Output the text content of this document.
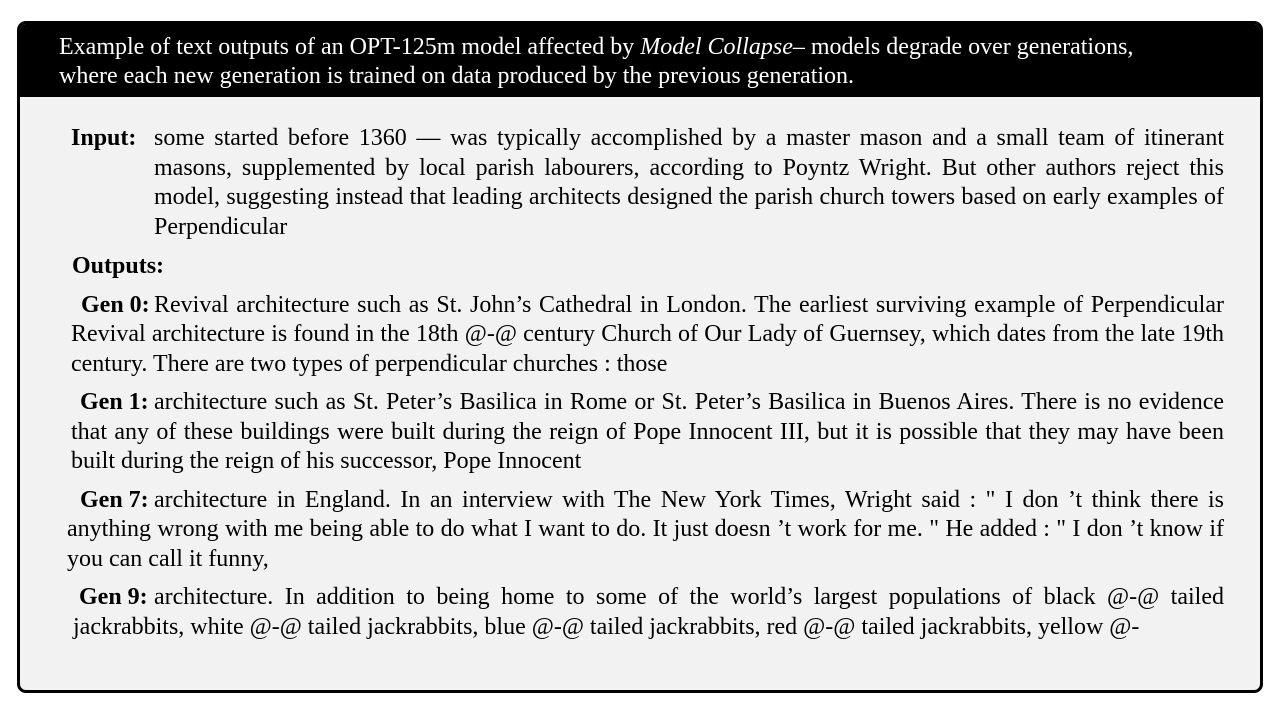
Example of text outputs of an OPT-125m model affected by Model Collapse– models degrade over generations,
where each new generation is trained on data produced by the previous generation.
Input: some started before 1360 — was typically accomplished by a master mason and a small team of itinerant masons, supplemented by local parish labourers, according to Poyntz Wright. But other authors reject this model, suggesting instead that leading architects designed the parish church towers based on early examples of Perpendicular
Outputs:
Gen 0: Revival architecture such as St. John’s Cathedral in London. The earliest surviving example of Perpendicular Revival architecture is found in the 18th @-@ century Church of Our Lady of Guernsey, which dates from the late 19th century. There are two types of perpendicular churches : those
Gen 1: architecture such as St. Peter’s Basilica in Rome or St. Peter’s Basilica in Buenos Aires. There is no evidence that any of these buildings were built during the reign of Pope Innocent III, but it is possible that they may have been built during the reign of his successor, Pope Innocent
Gen 7: architecture in England. In an interview with The New York Times, Wright said : " I don ’t think there is anything wrong with me being able to do what I want to do. It just doesn ’t work for me. " He added : " I don ’t know if you can call it funny,
Gen 9: architecture. In addition to being home to some of the world’s largest populations of black @-@ tailed jackrabbits, white @-@ tailed jackrabbits, blue @-@ tailed jackrabbits, red @-@ tailed jackrabbits, yellow @-
